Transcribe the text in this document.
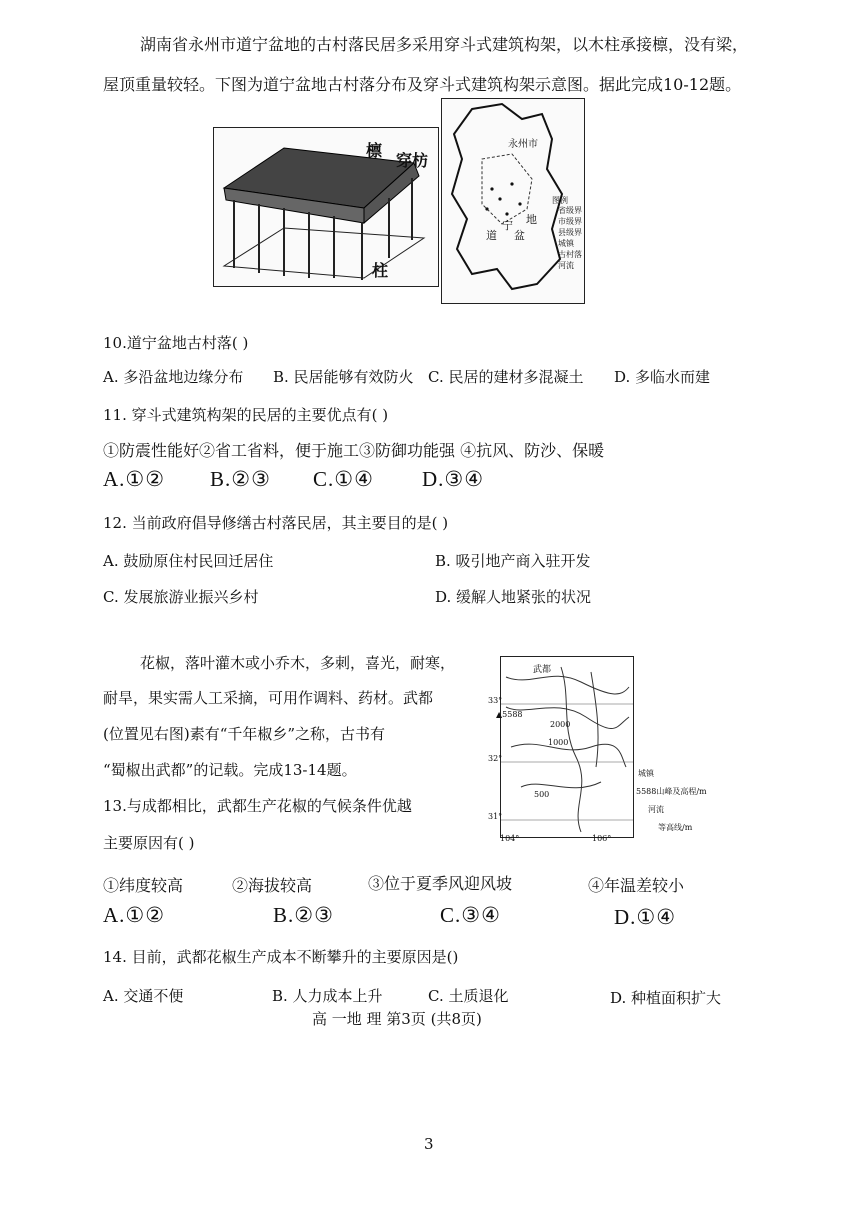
湖南省永州市道宁盆地的古村落民居多采用穿斗式建筑构架，以木柱承接檩，没有梁，
屋顶重量较轻。下图为道宁盆地古村落分布及穿斗式建筑构架示意图。据此完成10-12题。
檩
穿枋
柱
永州市
盆
地
道
宁
图例
省级界
市级界
县级界
城镇
古村落
河流
10.道宁盆地古村落( )
A. 多沿盆地边缘分布 B. 民居能够有效防火 C. 民居的建材多混凝土 D. 多临水而建
11. 穿斗式建筑构架的民居的主要优点有( )
①防震性能好②省工省料，便于施工③防御功能强 ④抗风、防沙、保暖
A.①② B.②③ C.①④ D.③④
12. 当前政府倡导修缮古村落民居，其主要目的是( )
A. 鼓励原住村民回迁居住	B. 吸引地产商入驻开发
C. 发展旅游业振兴乡村	D. 缓解人地紧张的状况
花椒，落叶灌木或小乔木，多刺，喜光，耐寒，
耐旱，果实需人工采摘，可用作调料、药材。武都
(位置见右图)素有“千年椒乡”之称，古书有
“蜀椒出武都”的记载。完成13-14题。
武都
33°
32°
31°
104°	106°
▲5588
500
1000
2000
城镇
5588山峰及高程/m
河流
等高线/m
13.与成都相比，武都生产花椒的气候条件优越
主要原因有( )
①纬度较高	②海拔较高	③位于夏季风迎风坡	④年温差较小
A.①②	B.②③	C.③④	D.①④
14. 目前，武都花椒生产成本不断攀升的主要原因是()
A. 交通不便	B. 人力成本上升	C. 土质退化	D. 种植面积扩大
高 一地 理 第3页 (共8页)
3
